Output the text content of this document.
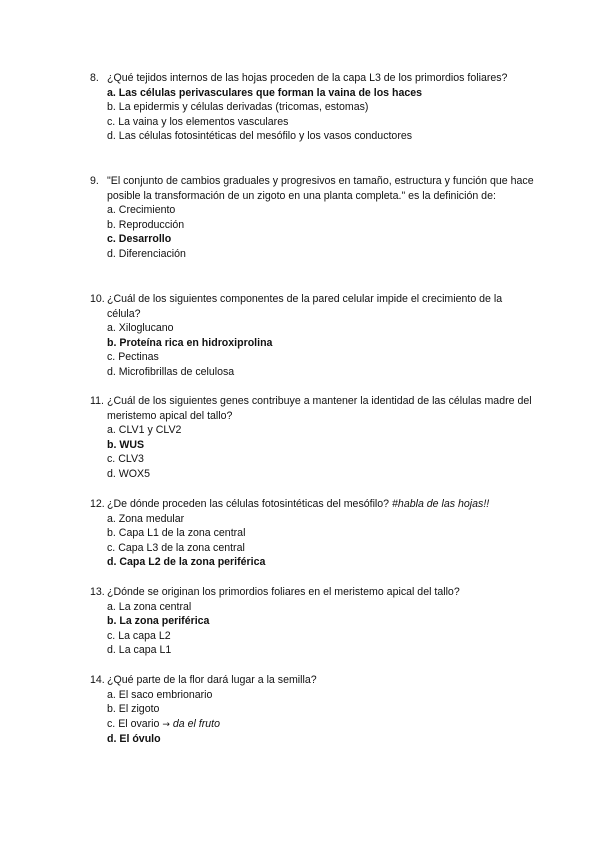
8. ¿Qué tejidos internos de las hojas proceden de la capa L3 de los primordios foliares?
a. Las células perivasculares que forman la vaina de los haces
b. La epidermis y células derivadas (tricomas, estomas)
c. La vaina y los elementos vasculares
d. Las células fotosintéticas del mesófilo y los vasos conductores
9. "El conjunto de cambios graduales y progresivos en tamaño, estructura y función que hace posible la transformación de un zigoto en una planta completa." es la definición de:
a. Crecimiento
b. Reproducción
c. Desarrollo
d. Diferenciación
10. ¿Cuál de los siguientes componentes de la pared celular impide el crecimiento de la célula?
a. Xiloglucano
b. Proteína rica en hidroxiprolina
c. Pectinas
d. Microfibrillas de celulosa
11. ¿Cuál de los siguientes genes contribuye a mantener la identidad de las células madre del meristemo apical del tallo?
a. CLV1 y CLV2
b. WUS
c. CLV3
d. WOX5
12. ¿De dónde proceden las células fotosintéticas del mesófilo? #habla de las hojas!!
a. Zona medular
b. Capa L1 de la zona central
c. Capa L3 de la zona central
d. Capa L2 de la zona periférica
13. ¿Dónde se originan los primordios foliares en el meristemo apical del tallo?
a. La zona central
b. La zona periférica
c. La capa L2
d. La capa L1
14. ¿Qué parte de la flor dará lugar a la semilla?
a. El saco embrionario
b. El zigoto
c. El ovario → da el fruto
d. El óvulo
